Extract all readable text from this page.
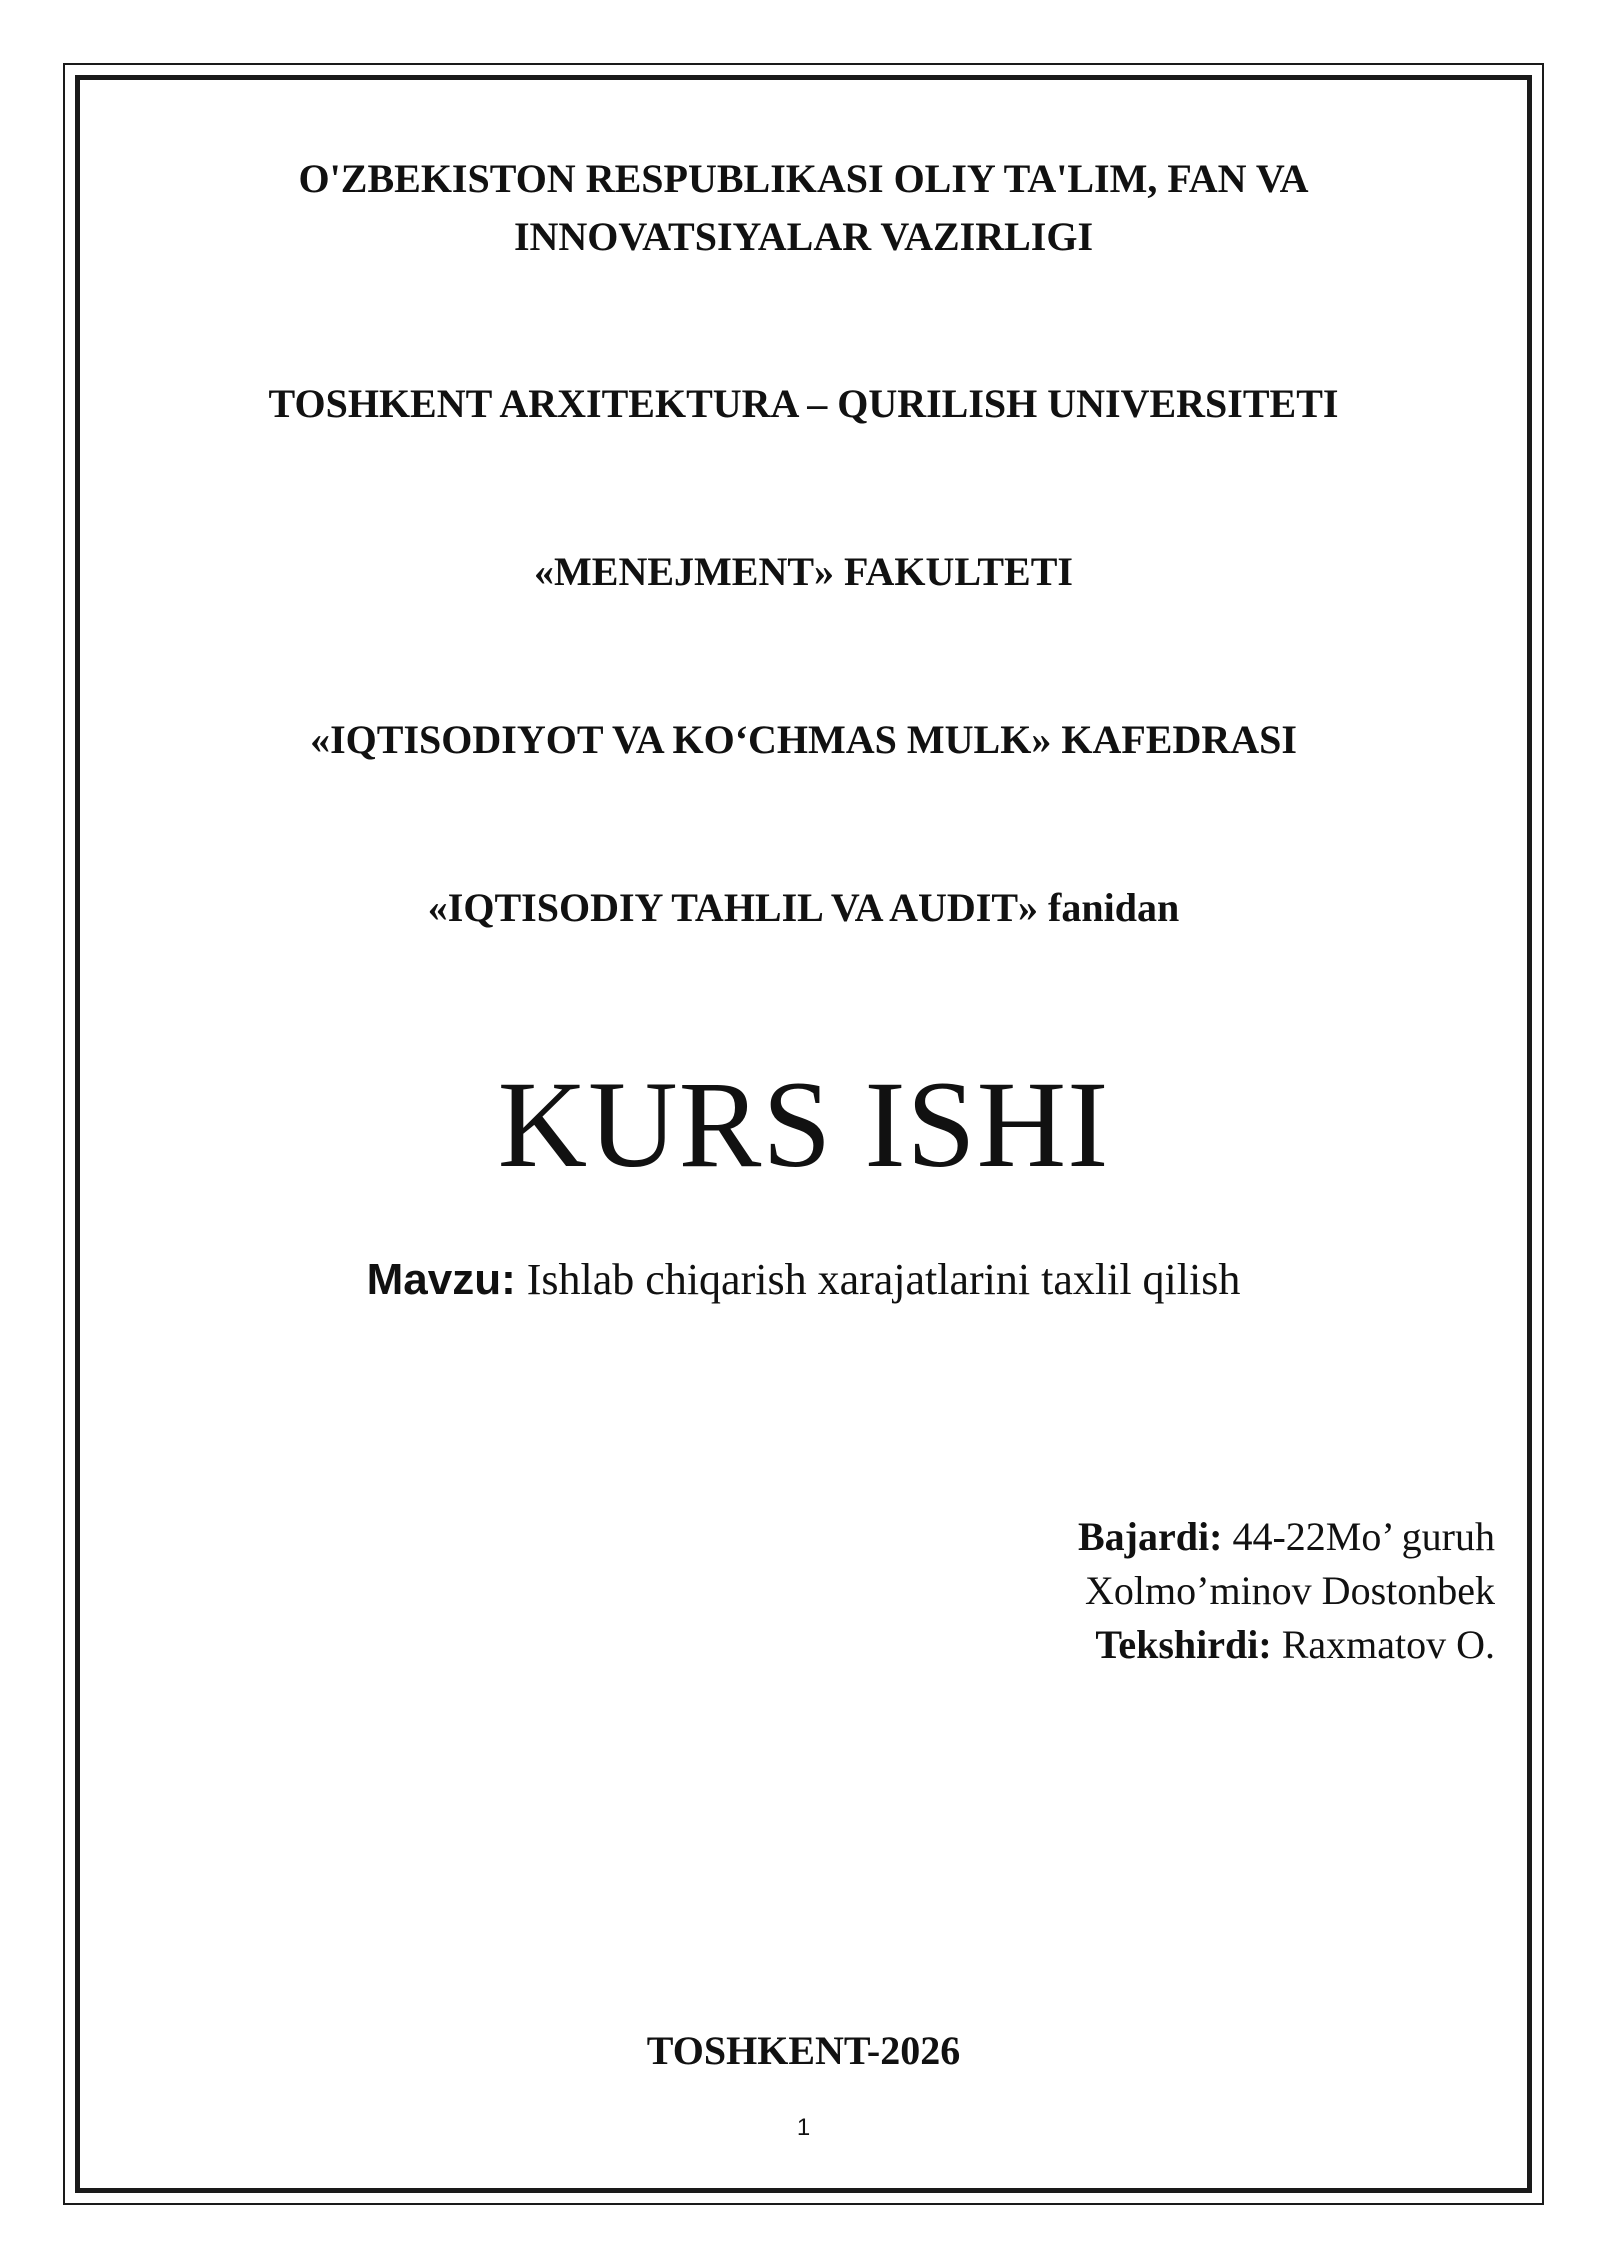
O'ZBEKISTON RESPUBLIKASI OLIY TA'LIM, FAN VA
INNOVATSIYALAR VAZIRLIGI

TOSHKENT ARXITEKTURA – QURILISH UNIVERSITETI

«MENEJMENT» FAKULTETI

«IQTISODIYOT VA KO‘CHMAS MULK» KAFEDRASI

«IQTISODIY TAHLIL VA AUDIT» fanidan

KURS ISHI

Mavzu: Ishlab chiqarish xarajatlarini taxlil qilish

Bajardi: 44-22Mo’ guruh
Xolmo’minov Dostonbek
Tekshirdi: Raxmatov O.

TOSHKENT-2026

1
